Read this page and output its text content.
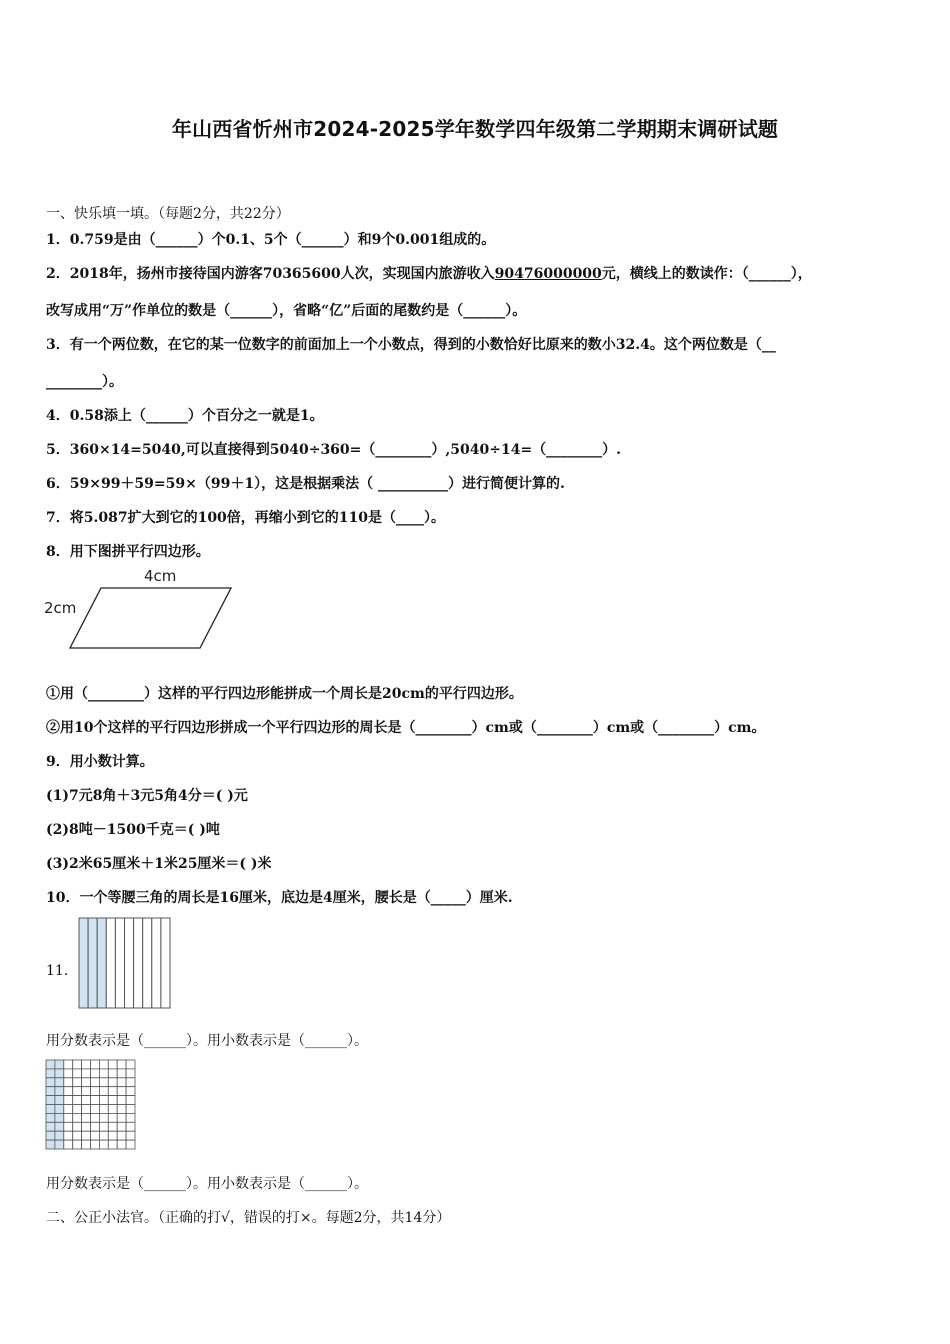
年山西省忻州市2024-2025学年数学四年级第二学期期末调研试题
一、快乐填一填。（每题2分，共22分）
1．0.759是由（______）个0.1、5个（______）和9个0.001组成的。
2．2018年，扬州市接待国内游客70365600人次，实现国内旅游收入90476000000元，横线上的数读作：（______），
改写成用“万”作单位的数是（______），省略“亿”后面的尾数约是（______）。
3．有一个两位数，在它的某一位数字的前面加上一个小数点，得到的小数恰好比原来的数小32.4。这个两位数是（__
________）。
4．0.58添上（______）个百分之一就是1。
5．360×14=5040,可以直接得到5040÷360=（________）,5040÷14=（________）.
6．59×99＋59=59×（99＋1），这是根据乘法（ __________）进行简便计算的.
7．将5.087扩大到它的100倍，再缩小到它的110是（____）。
8．用下图拼平行四边形。
4cm
2cm
①用（________）这样的平行四边形能拼成一个周长是20cm的平行四边形。
②用10个这样的平行四边形拼成一个平行四边形的周长是（________）cm或（________）cm或（________）cm。
9．用小数计算。
(1)7元8角＋3元5角4分＝( )元
(2)8吨－1500千克＝( )吨
(3)2米65厘米＋1米25厘米＝( )米
10．一个等腰三角的周长是16厘米，底边是4厘米，腰长是（_____）厘米.
11．
用分数表示是（______）。用小数表示是（______）。
用分数表示是（______）。用小数表示是（______）。
二、公正小法官。（正确的打√，错误的打×。每题2分，共14分）
